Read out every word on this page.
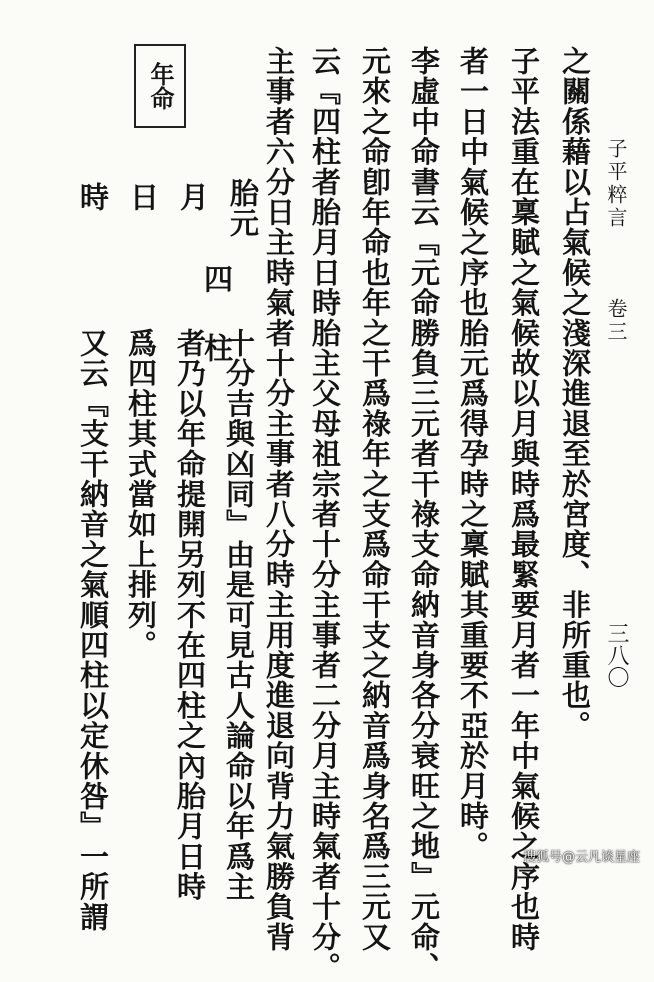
子平粹言
卷三
三八〇
之關係藉以占氣候之淺深進退至於宮度、非所重也。
子平法重在稟賦之氣候故以月與時爲最緊要月者一年中氣候之序也時
者一日中氣候之序也胎元爲得孕時之稟賦其重要不亞於月時。
李虛中命書云『元命勝負三元者干祿支命納音身各分衰旺之地』元命、
元來之命卽年命也年之干爲祿年之支爲命干支之納音爲身名爲三元又
云『四柱者胎月日時胎主父母祖宗者十分主事者二分月主時氣者十分。
主事者六分日主時氣者十分主事者八分時主用度進退向背力氣勝負背
十分吉與凶同』由是可見古人論命以年爲主
者乃以年命提開另列不在四柱之內胎月日時
爲四柱其式當如上排列。
又云『支干納音之氣順四柱以定休咎』一所謂	四柱
胎元
月
日
時
年命
搜狐号@云凡谈星座
